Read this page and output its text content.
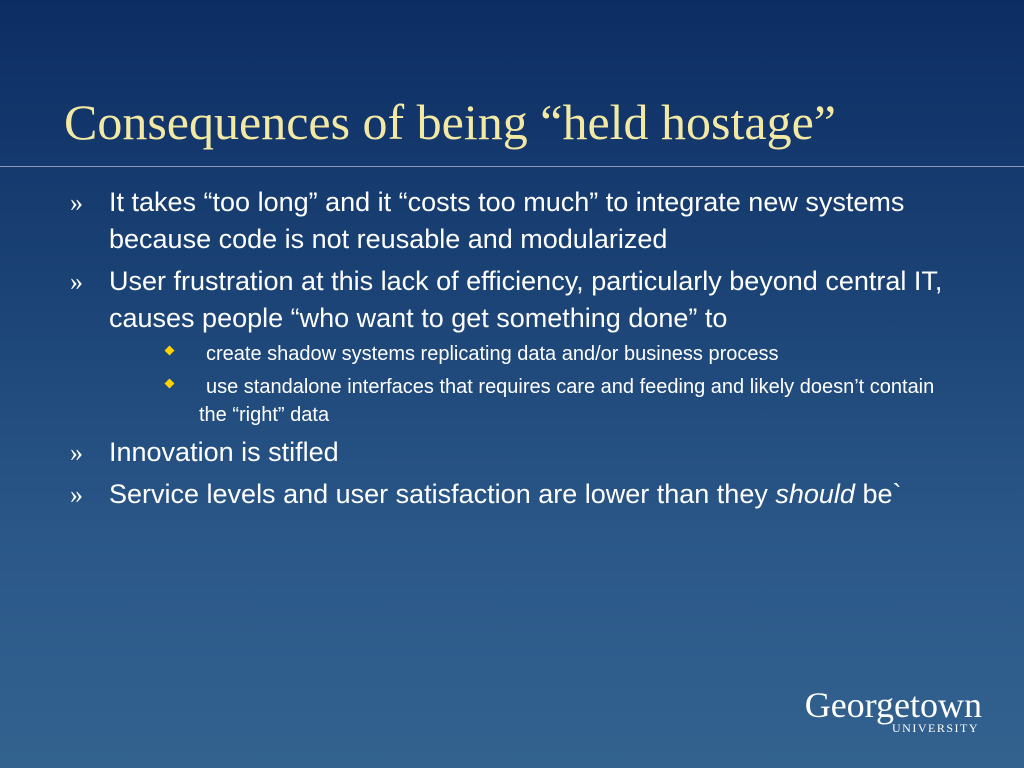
Consequences of being “held hostage”
» It takes “too long” and it “costs too much” to integrate new systems because code is not reusable and modularized
» User frustration at this lack of efficiency, particularly beyond central IT, causes people “who want to get something done” to
create shadow systems replicating data and/or business process
use standalone interfaces that requires care and feeding and likely doesn’t contain the “right” data
» Innovation is stifled
» Service levels and user satisfaction are lower than they should be`
Georgetown
UNIVERSITY
